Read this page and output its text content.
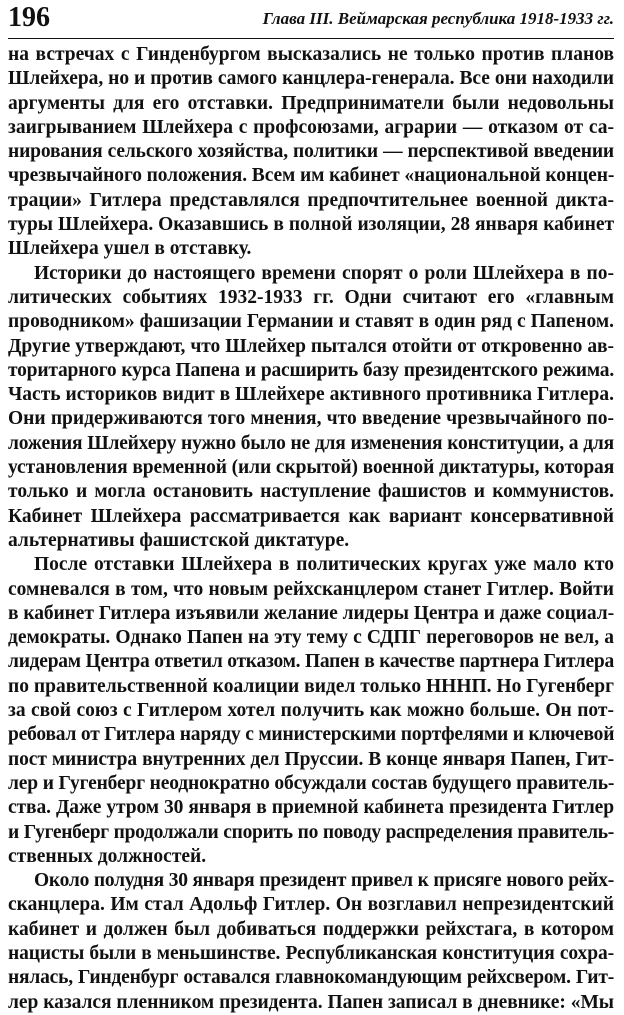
196	Глава III. Веймарская республика 1918-1933 гг.
на встречах с Гинденбургом высказались не только против планов
Шлейхера, но и против самого канцлера-генерала. Все они находили
аргументы для его отставки. Предприниматели были недовольны
заигрыванием Шлейхера с профсоюзами, аграрии — отказом от са-
нирования сельского хозяйства, политики — перспективой введении
чрезвычайного положения. Всем им кабинет «национальной концен-
трации» Гитлера представлялся предпочтительнее военной дикта-
туры Шлейхера. Оказавшись в полной изоляции, 28 января кабинет
Шлейхера ушел в отставку.
Историки до настоящего времени спорят о роли Шлейхера в по-
литических событиях 1932-1933 гг. Одни считают его «главным
проводником» фашизации Германии и ставят в один ряд с Папеном.
Другие утверждают, что Шлейхер пытался отойти от откровенно ав-
торитарного курса Папена и расширить базу президентского режима.
Часть историков видит в Шлейхере активного противника Гитлера.
Они придерживаются того мнения, что введение чрезвычайного по-
ложения Шлейхеру нужно было не для изменения конституции, а для
установления временной (или скрытой) военной диктатуры, которая
только и могла остановить наступление фашистов и коммунистов.
Кабинет Шлейхера рассматривается как вариант консервативной
альтернативы фашистской диктатуре.
После отставки Шлейхера в политических кругах уже мало кто
сомневался в том, что новым рейхсканцлером станет Гитлер. Войти
в кабинет Гитлера изъявили желание лидеры Центра и даже социал-
демократы. Однако Папен на эту тему с СДПГ переговоров не вел, а
лидерам Центра ответил отказом. Папен в качестве партнера Гитлера
по правительственной коалиции видел только НННП. Но Гугенберг
за свой союз с Гитлером хотел получить как можно больше. Он пот-
ребовал от Гитлера наряду с министерскими портфелями и ключевой
пост министра внутренних дел Пруссии. В конце января Папен, Гит-
лер и Гугенберг неоднократно обсуждали состав будущего правитель-
ства. Даже утром 30 января в приемной кабинета президента Гитлер
и Гугенберг продолжали спорить по поводу распределения правитель-
ственных должностей.
Около полудня 30 января президент привел к присяге нового рейх-
сканцлера. Им стал Адольф Гитлер. Он возглавил непрезидентский
кабинет и должен был добиваться поддержки рейхстага, в котором
нацисты были в меньшинстве. Республиканская конституция сохра-
нялась, Гинденбург оставался главнокомандующим рейхсвером. Гит-
лер казался пленником президента. Папен записал в дневнике: «Мы
